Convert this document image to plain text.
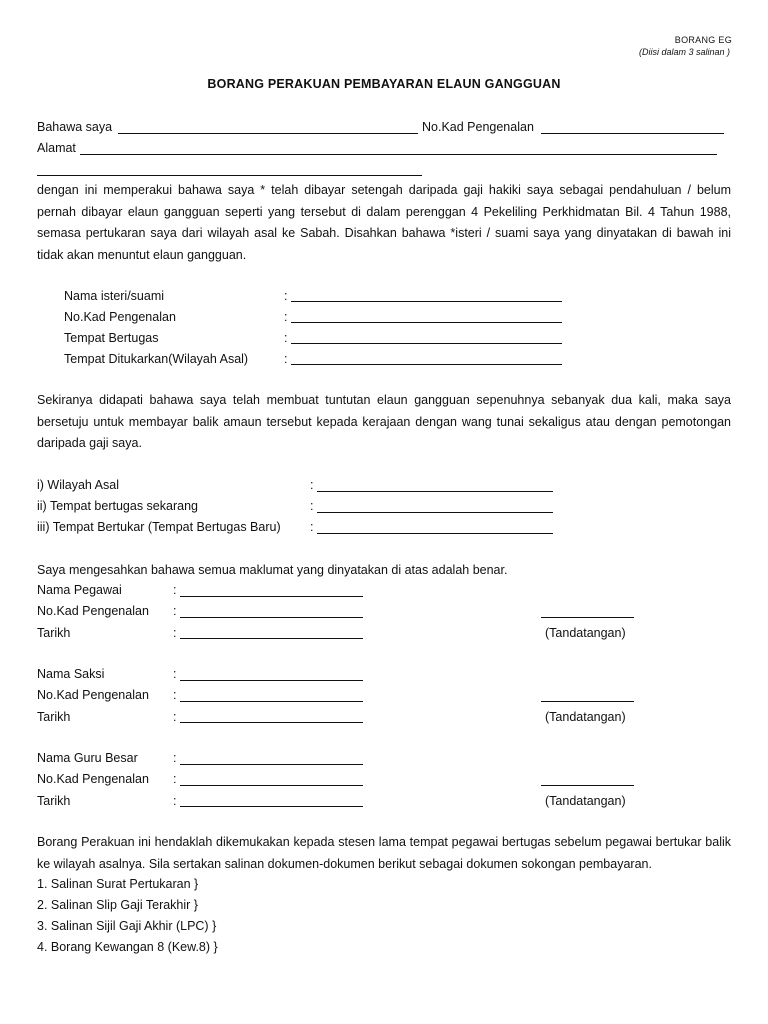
BORANG EG
(Diisi dalam 3 salinan )
BORANG PERAKUAN PEMBAYARAN ELAUN GANGGUAN
Bahawa saya	No.Kad Pengenalan
Alamat
dengan ini memperakui bahawa saya * telah dibayar setengah daripada gaji hakiki saya sebagai pendahuluan / belum pernah dibayar elaun gangguan seperti yang tersebut di dalam perenggan 4 Pekeliling Perkhidmatan Bil. 4 Tahun 1988, semasa pertukaran saya dari wilayah asal ke Sabah. Disahkan bahawa *isteri / suami saya yang dinyatakan di bawah ini tidak akan menuntut elaun gangguan.
Nama isteri/suami	:
No.Kad Pengenalan	:
Tempat Bertugas	:
Tempat Ditukarkan(Wilayah Asal)	:
Sekiranya didapati bahawa saya telah membuat tuntutan elaun gangguan sepenuhnya sebanyak dua kali, maka saya bersetuju untuk membayar balik amaun tersebut kepada kerajaan dengan wang tunai sekaligus atau dengan pemotongan daripada gaji saya.
i) Wilayah Asal	:
ii) Tempat bertugas sekarang	:
iii) Tempat Bertukar (Tempat Bertugas Baru) :
Saya mengesahkan bahawa semua maklumat yang dinyatakan di atas adalah benar.
Nama Pegawai	:
No.Kad Pengenalan :
Tarikh	:	(Tandatangan)
Nama Saksi	:
No.Kad Pengenalan :
Tarikh	:	(Tandatangan)
Nama Guru Besar	:
No.Kad Pengenalan :
Tarikh	:	(Tandatangan)
Borang Perakuan ini hendaklah dikemukakan kepada stesen lama tempat pegawai bertugas sebelum pegawai bertukar balik ke wilayah asalnya. Sila sertakan salinan dokumen-dokumen berikut sebagai dokumen sokongan pembayaran.
1. Salinan Surat Pertukaran }
2. Salinan Slip Gaji Terakhir }
3. Salinan Sijil Gaji Akhir (LPC) }
4. Borang Kewangan 8 (Kew.8) }
